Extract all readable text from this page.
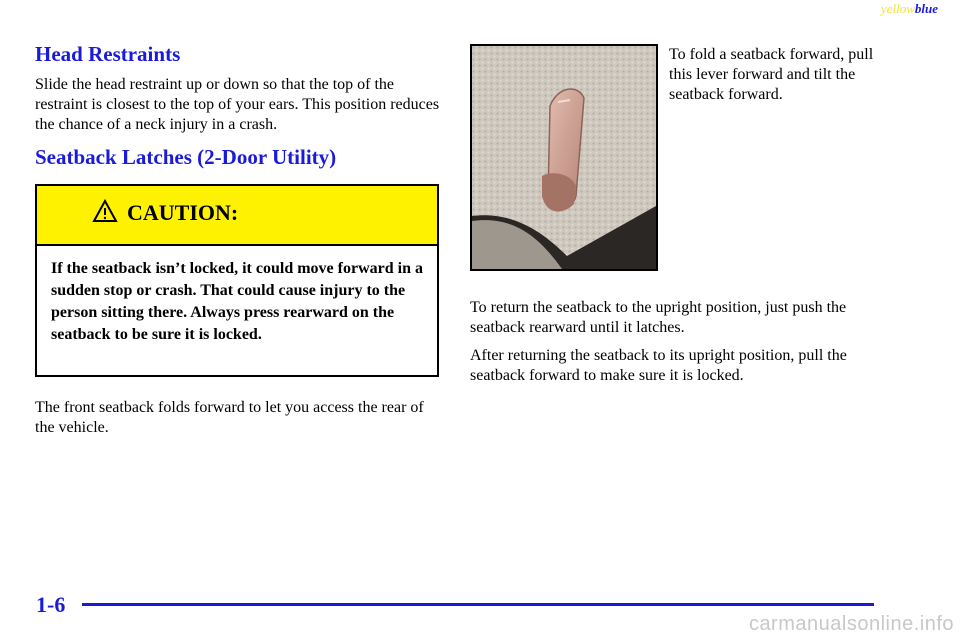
yellowblue
Head Restraints

Slide the head restraint up or down so that the top of the restraint is closest to the top of your ears. This position reduces the chance of a neck injury in a crash.

Seatback Latches (2-Door Utility)
CAUTION:
If the seatback isn’t locked, it could move forward in a sudden stop or crash. That could cause injury to the person sitting there. Always press rearward on the seatback to be sure it is locked.

The front seatback folds forward to let you access the rear of the vehicle.

To fold a seatback forward, pull this lever forward and tilt the seatback forward.

To return the seatback to the upright position, just push the seatback rearward until it latches.

After returning the seatback to its upright position, pull the seatback forward to make sure it is locked.

1-6
carmanualsonline.info
